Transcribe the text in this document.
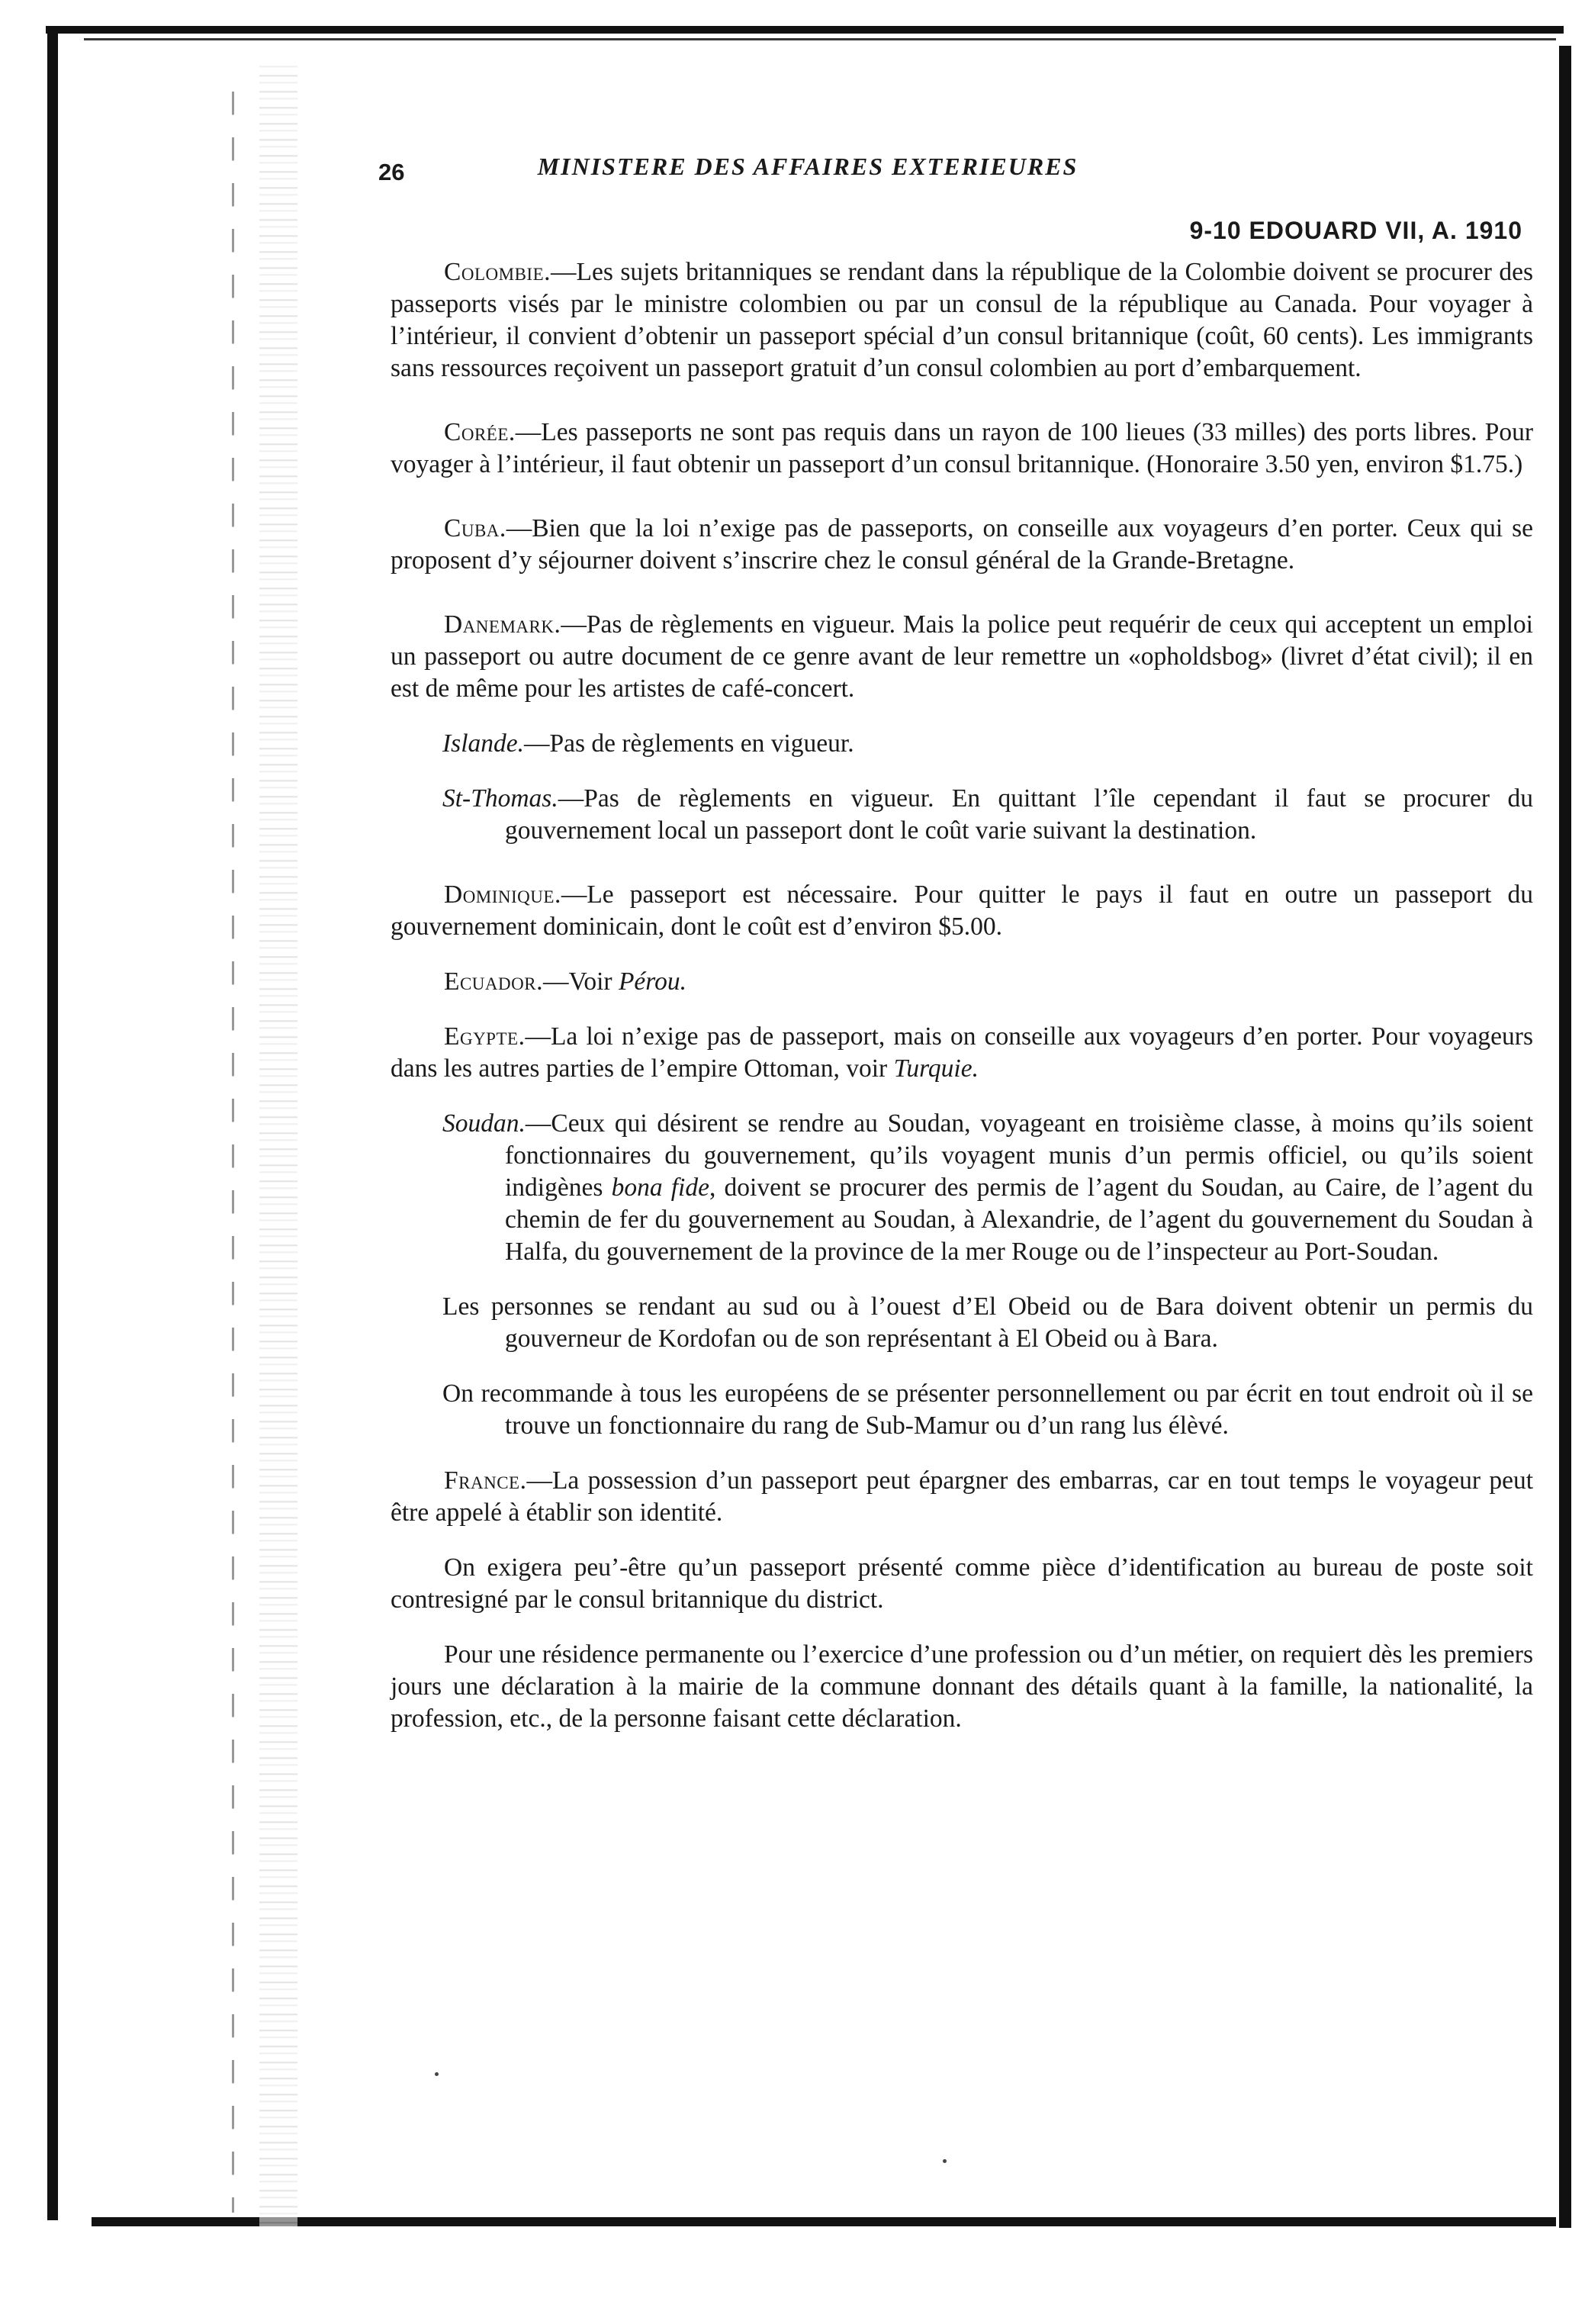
26	MINISTERE DES AFFAIRES EXTERIEURES
9-10 EDOUARD VII, A. 1910

Colombie.—Les sujets britanniques se rendant dans la république de la Colombie doivent se procurer des passeports visés par le ministre colombien ou par un consul de la république au Canada. Pour voyager à l’intérieur, il convient d’obtenir un passeport spécial d’un consul britannique (coût, 60 cents). Les immigrants sans ressources reçoivent un passeport gratuit d’un consul colombien au port d’embarquement.

Corée.—Les passeports ne sont pas requis dans un rayon de 100 lieues (33 milles) des ports libres. Pour voyager à l’intérieur, il faut obtenir un passeport d’un consul britannique. (Honoraire 3.50 yen, environ $1.75.)

Cuba.—Bien que la loi n’exige pas de passeports, on conseille aux voyageurs d’en porter. Ceux qui se proposent d’y séjourner doivent s’inscrire chez le consul général de la Grande-Bretagne.

Danemark.—Pas de règlements en vigueur. Mais la police peut requérir de ceux qui acceptent un emploi un passeport ou autre document de ce genre avant de leur remettre un «opholdsbog» (livret d’état civil); il en est de même pour les artistes de café-concert.

Islande.—Pas de règlements en vigueur.

St-Thomas.—Pas de règlements en vigueur. En quittant l’île cependant il faut se procurer du gouvernement local un passeport dont le coût varie suivant la destination.

Dominique.—Le passeport est nécessaire. Pour quitter le pays il faut en outre un passeport du gouvernement dominicain, dont le coût est d’environ $5.00.

Ecuador.—Voir Pérou.

Egypte.—La loi n’exige pas de passeport, mais on conseille aux voyageurs d’en porter. Pour voyageurs dans les autres parties de l’empire Ottoman, voir Turquie.

Soudan.—Ceux qui désirent se rendre au Soudan, voyageant en troisième classe, à moins qu’ils soient fonctionnaires du gouvernement, qu’ils voyagent munis d’un permis officiel, ou qu’ils soient indigènes bona fide, doivent se procurer des permis de l’agent du Soudan, au Caire, de l’agent du chemin de fer du gouvernement au Soudan, à Alexandrie, de l’agent du gouvernement du Soudan à Halfa, du gouvernement de la province de la mer Rouge ou de l’inspecteur au Port-Soudan.

Les personnes se rendant au sud ou à l’ouest d’El Obeid ou de Bara doivent obtenir un permis du gouverneur de Kordofan ou de son représentant à El Obeid ou à Bara.

On recommande à tous les européens de se présenter personnellement ou par écrit en tout endroit où il se trouve un fonctionnaire du rang de Sub-Mamur ou d’un rang lus élèvé.

France.—La possession d’un passeport peut épargner des embarras, car en tout temps le voyageur peut être appelé à établir son identité.

On exigera peu’-être qu’un passeport présenté comme pièce d’identification au bureau de poste soit contresigné par le consul britannique du district.

Pour une résidence permanente ou l’exercice d’une profession ou d’un métier, on requiert dès les premiers jours une déclaration à la mairie de la commune donnant des détails quant à la famille, la nationalité, la profession, etc., de la personne faisant cette déclaration.
